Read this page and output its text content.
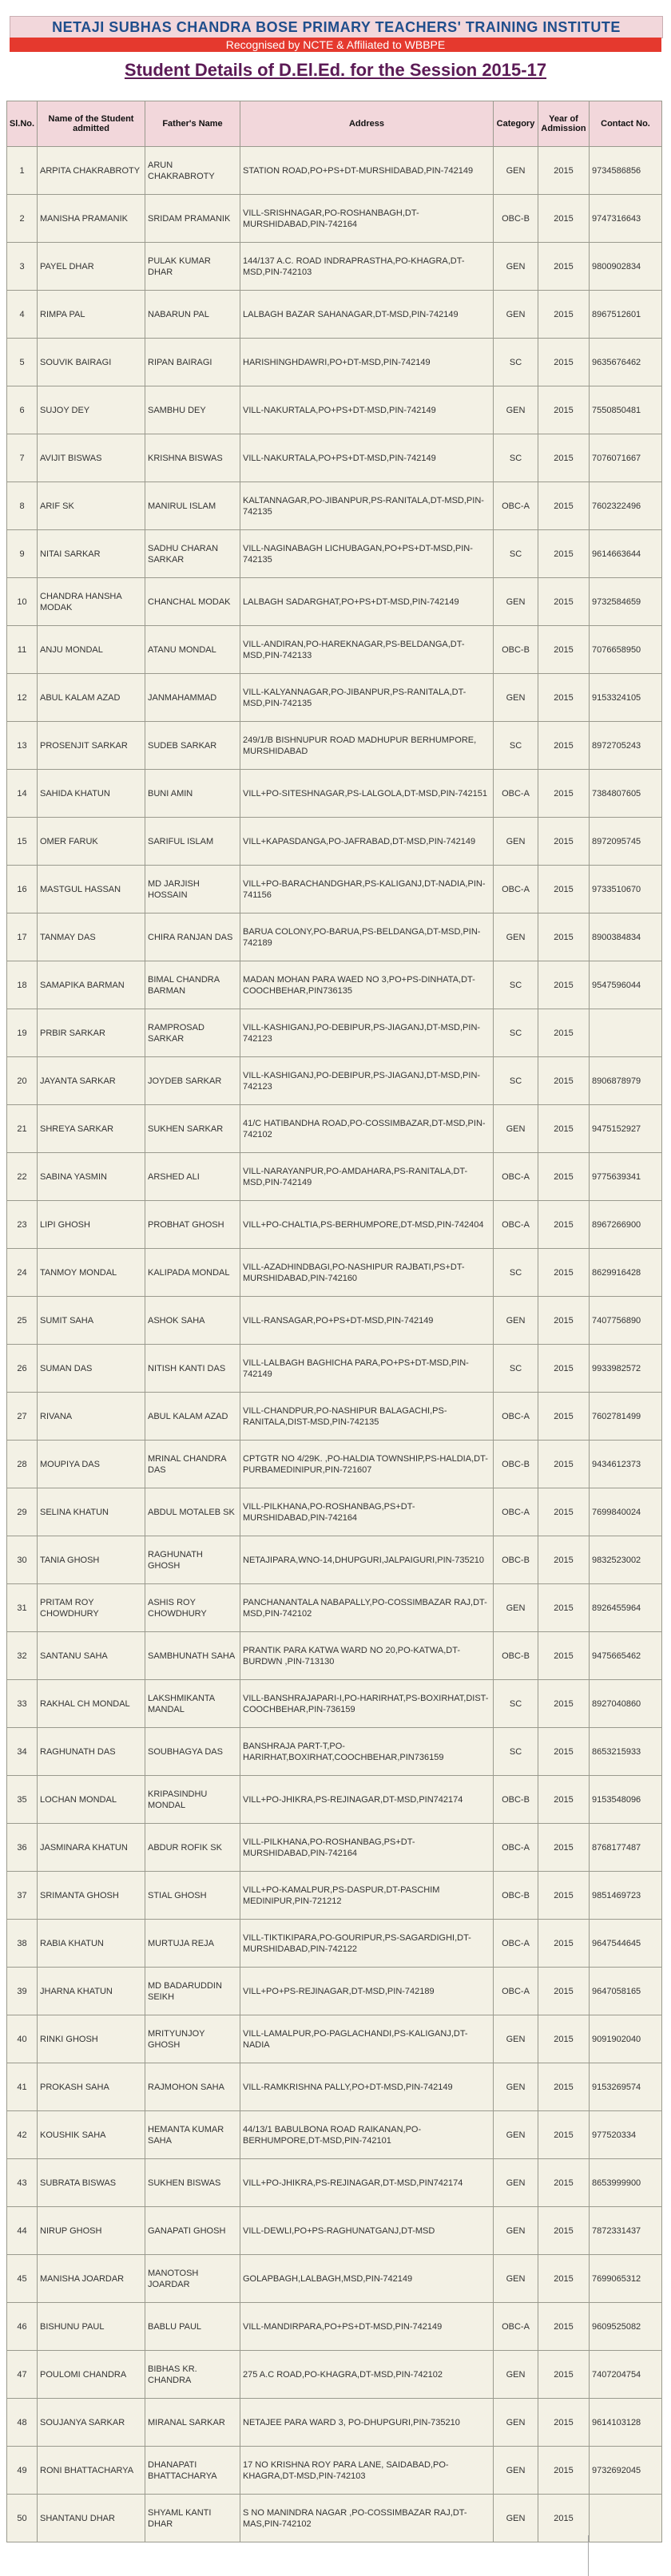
NETAJI SUBHAS CHANDRA BOSE PRIMARY TEACHERS' TRAINING INSTITUTE
Recognised by NCTE & Affiliated to WBBPE
Student Details of D.El.Ed. for the Session 2015-17
Sl.No.	Name of the Student admitted	Father's Name	Address	Category	Year of Admission	Contact No.
1	ARPITA CHAKRABROTY	ARUN CHAKRABROTY	STATION ROAD,PO+PS+DT-MURSHIDABAD,PIN-742149	GEN	2015	9734586856
2	MANISHA PRAMANIK	SRIDAM PRAMANIK	VILL-SRISHNAGAR,PO-ROSHANBAGH,DT-MURSHIDABAD,PIN-742164	OBC-B	2015	9747316643
3	PAYEL DHAR	PULAK KUMAR DHAR	144/137 A.C. ROAD INDRAPRASTHA,PO-KHAGRA,DT-MSD,PIN-742103	GEN	2015	9800902834
4	RIMPA PAL	NABARUN PAL	LALBAGH BAZAR SAHANAGAR,DT-MSD,PIN-742149	GEN	2015	8967512601
5	SOUVIK BAIRAGI	RIPAN BAIRAGI	HARISHINGHDAWRI,PO+DT-MSD,PIN-742149	SC	2015	9635676462
6	SUJOY DEY	SAMBHU DEY	VILL-NAKURTALA,PO+PS+DT-MSD,PIN-742149	GEN	2015	7550850481
7	AVIJIT BISWAS	KRISHNA BISWAS	VILL-NAKURTALA,PO+PS+DT-MSD,PIN-742149	SC	2015	7076071667
8	ARIF SK	MANIRUL ISLAM	KALTANNAGAR,PO-JIBANPUR,PS-RANITALA,DT-MSD,PIN-742135	OBC-A	2015	7602322496
9	NITAI SARKAR	SADHU CHARAN SARKAR	VILL-NAGINABAGH LICHUBAGAN,PO+PS+DT-MSD,PIN-742135	SC	2015	9614663644
10	CHANDRA HANSHA MODAK	CHANCHAL MODAK	LALBAGH SADARGHAT,PO+PS+DT-MSD,PIN-742149	GEN	2015	9732584659
11	ANJU MONDAL	ATANU MONDAL	VILL-ANDIRAN,PO-HAREKNAGAR,PS-BELDANGA,DT-MSD,PIN-742133	OBC-B	2015	7076658950
12	ABUL KALAM AZAD	JANMAHAMMAD	VILL-KALYANNAGAR,PO-JIBANPUR,PS-RANITALA,DT-MSD,PIN-742135	GEN	2015	9153324105
13	PROSENJIT SARKAR	SUDEB SARKAR	249/1/B BISHNUPUR ROAD MADHUPUR BERHUMPORE, MURSHIDABAD	SC	2015	8972705243
14	SAHIDA KHATUN	BUNI AMIN	VILL+PO-SITESHNAGAR,PS-LALGOLA,DT-MSD,PIN-742151	OBC-A	2015	7384807605
15	OMER FARUK	SARIFUL ISLAM	VILL+KAPASDANGA,PO-JAFRABAD,DT-MSD,PIN-742149	GEN	2015	8972095745
16	MASTGUL HASSAN	MD JARJISH HOSSAIN	VILL+PO-BARACHANDGHAR,PS-KALIGANJ,DT-NADIA,PIN-741156	OBC-A	2015	9733510670
17	TANMAY DAS	CHIRA RANJAN DAS	BARUA COLONY,PO-BARUA,PS-BELDANGA,DT-MSD,PIN-742189	GEN	2015	8900384834
18	SAMAPIKA BARMAN	BIMAL CHANDRA BARMAN	MADAN MOHAN PARA WAED NO 3,PO+PS-DINHATA,DT-COOCHBEHAR,PIN736135	SC	2015	9547596044
19	PRBIR SARKAR	RAMPROSAD SARKAR	VILL-KASHIGANJ,PO-DEBIPUR,PS-JIAGANJ,DT-MSD,PIN-742123	SC	2015	
20	JAYANTA SARKAR	JOYDEB SARKAR	VILL-KASHIGANJ,PO-DEBIPUR,PS-JIAGANJ,DT-MSD,PIN-742123	SC	2015	8906878979
21	SHREYA SARKAR	SUKHEN SARKAR	41/C HATIBANDHA ROAD,PO-COSSIMBAZAR,DT-MSD,PIN-742102	GEN	2015	9475152927
22	SABINA YASMIN	ARSHED ALI	VILL-NARAYANPUR,PO-AMDAHARA,PS-RANITALA,DT-MSD,PIN-742149	OBC-A	2015	9775639341
23	LIPI GHOSH	PROBHAT GHOSH	VILL+PO-CHALTIA,PS-BERHUMPORE,DT-MSD,PIN-742404	OBC-A	2015	8967266900
24	TANMOY MONDAL	KALIPADA MONDAL	VILL-AZADHINDBAGI,PO-NASHIPUR RAJBATI,PS+DT-MURSHIDABAD,PIN-742160	SC	2015	8629916428
25	SUMIT SAHA	ASHOK SAHA	VILL-RANSAGAR,PO+PS+DT-MSD,PIN-742149	GEN	2015	7407756890
26	SUMAN DAS	NITISH KANTI DAS	VILL-LALBAGH BAGHICHA PARA,PO+PS+DT-MSD,PIN-742149	SC	2015	9933982572
27	RIVANA	ABUL KALAM AZAD	VILL-CHANDPUR,PO-NASHIPUR BALAGACHI,PS-RANITALA,DIST-MSD,PIN-742135	OBC-A	2015	7602781499
28	MOUPIYA DAS	MRINAL CHANDRA DAS	CPTGTR NO 4/29K. ,PO-HALDIA TOWNSHIP,PS-HALDIA,DT-PURBAMEDINIPUR,PIN-721607	OBC-B	2015	9434612373
29	SELINA KHATUN	ABDUL MOTALEB SK	VILL-PILKHANA,PO-ROSHANBAG,PS+DT-MURSHIDABAD,PIN-742164	OBC-A	2015	7699840024
30	TANIA GHOSH	RAGHUNATH GHOSH	NETAJIPARA,WNO-14,DHUPGURI,JALPAIGURI,PIN-735210	OBC-B	2015	9832523002
31	PRITAM ROY CHOWDHURY	ASHIS ROY CHOWDHURY	PANCHANANTALA NABAPALLY,PO-COSSIMBAZAR RAJ,DT-MSD,PIN-742102	GEN	2015	8926455964
32	SANTANU SAHA	SAMBHUNATH SAHA	PRANTIK PARA KATWA WARD NO 20,PO-KATWA,DT-BURDWN ,PIN-713130	OBC-B	2015	9475665462
33	RAKHAL CH MONDAL	LAKSHMIKANTA MANDAL	VILL-BANSHRAJAPARI-I,PO-HARIRHAT,PS-BOXIRHAT,DIST-COOCHBEHAR,PIN-736159	SC	2015	8927040860
34	RAGHUNATH DAS	SOUBHAGYA DAS	BANSHRAJA PART-T,PO-HARIRHAT,BOXIRHAT,COOCHBEHAR,PIN736159	SC	2015	8653215933
35	LOCHAN MONDAL	KRIPASINDHU MONDAL	VILL+PO-JHIKRA,PS-REJINAGAR,DT-MSD,PIN742174	OBC-B	2015	9153548096
36	JASMINARA KHATUN	ABDUR ROFIK SK	VILL-PILKHANA,PO-ROSHANBAG,PS+DT-MURSHIDABAD,PIN-742164	OBC-A	2015	8768177487
37	SRIMANTA GHOSH	STIAL GHOSH	VILL+PO-KAMALPUR,PS-DASPUR,DT-PASCHIM MEDINIPUR,PIN-721212	OBC-B	2015	9851469723
38	RABIA KHATUN	MURTUJA REJA	VILL-TIKTIKIPARA,PO-GOURIPUR,PS-SAGARDIGHI,DT-MURSHIDABAD,PIN-742122	OBC-A	2015	9647544645
39	JHARNA KHATUN	MD BADARUDDIN SEIKH	VILL+PO+PS-REJINAGAR,DT-MSD,PIN-742189	OBC-A	2015	9647058165
40	RINKI GHOSH	MRITYUNJOY GHOSH	VILL-LAMALPUR,PO-PAGLACHANDI,PS-KALIGANJ,DT-NADIA	GEN	2015	9091902040
41	PROKASH SAHA	RAJMOHON SAHA	VILL-RAMKRISHNA PALLY,PO+DT-MSD,PIN-742149	GEN	2015	9153269574
42	KOUSHIK SAHA	HEMANTA KUMAR SAHA	44/13/1 BABULBONA ROAD RAIKANAN,PO-BERHUMPORE,DT-MSD,PIN-742101	GEN	2015	977520334
43	SUBRATA BISWAS	SUKHEN BISWAS	VILL+PO-JHIKRA,PS-REJINAGAR,DT-MSD,PIN742174	GEN	2015	8653999900
44	NIRUP GHOSH	GANAPATI GHOSH	VILL-DEWLI,PO+PS-RAGHUNATGANJ,DT-MSD	GEN	2015	7872331437
45	MANISHA JOARDAR	MANOTOSH JOARDAR	GOLAPBAGH,LALBAGH,MSD,PIN-742149	GEN	2015	7699065312
46	BISHUNU PAUL	BABLU PAUL	VILL-MANDIRPARA,PO+PS+DT-MSD,PIN-742149	OBC-A	2015	9609525082
47	POULOMI CHANDRA	BIBHAS KR. CHANDRA	275 A.C ROAD,PO-KHAGRA,DT-MSD,PIN-742102	GEN	2015	7407204754
48	SOUJANYA SARKAR	MIRANAL SARKAR	NETAJEE PARA WARD 3, PO-DHUPGURI,PIN-735210	GEN	2015	9614103128
49	RONI BHATTACHARYA	DHANAPATI BHATTACHARYA	17 NO KRISHNA ROY PARA LANE, SAIDABAD,PO-KHAGRA,DT-MSD,PIN-742103	GEN	2015	9732692045
50	SHANTANU DHAR	SHYAML KANTI DHAR	S NO MANINDRA NAGAR ,PO-COSSIMBAZAR RAJ,DT-MAS,PIN-742102	GEN	2015	
